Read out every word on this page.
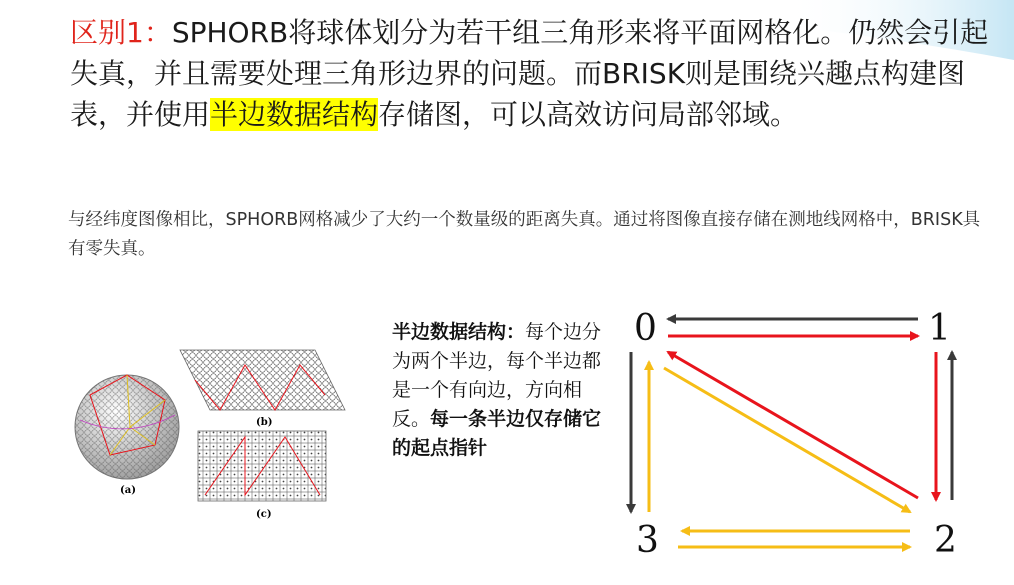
区别1：SPHORB将球体划分为若干组三角形来将平面网格化。仍然会引起失真，并且需要处理三角形边界的问题。而BRISK则是围绕兴趣点构建图表，并使用半边数据结构存储图，可以高效访问局部邻域。
与经纬度图像相比，SPHORB网格减少了大约一个数量级的距离失真。通过将图像直接存储在测地线网格中，BRISK具有零失真。
(a)
(b)
(c)
半边数据结构：每个边分为两个半边，每个半边都是一个有向边，方向相反。每一条半边仅存储它的起点指针
0	1
2
3
